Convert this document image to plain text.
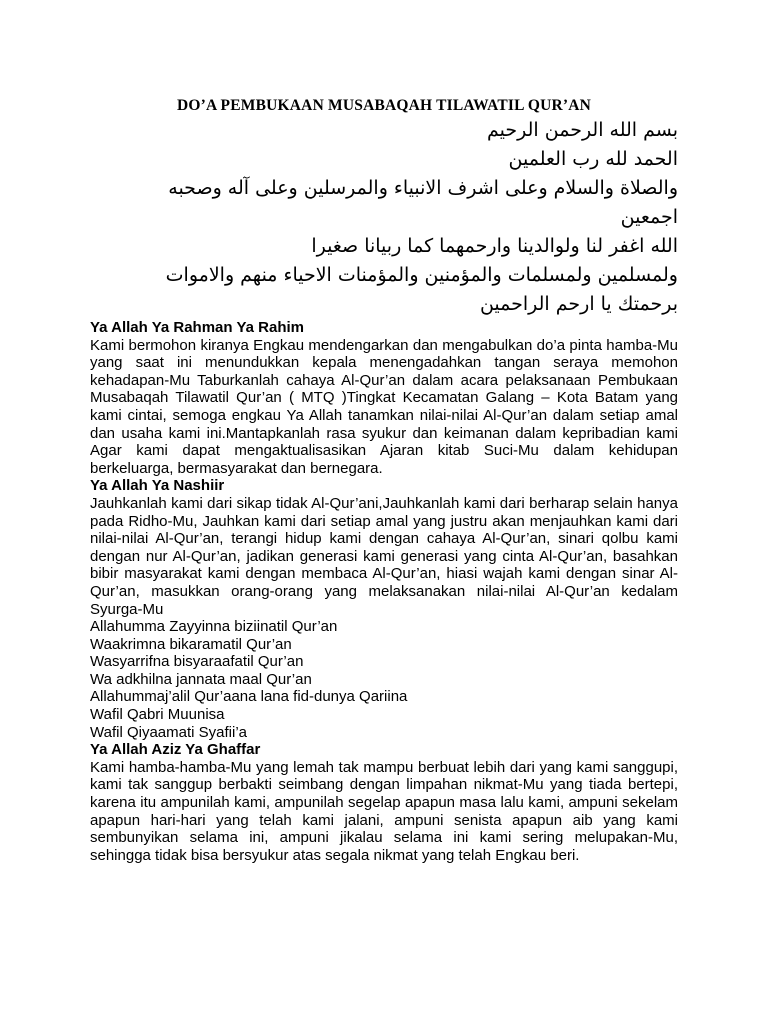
DO’A PEMBUKAAN MUSABAQAH TILAWATIL QUR’AN
بسم الله الرحمن الرحيم
الحمد لله رب العلمين
والصلاة والسلام وعلى اشرف الانبياء والمرسلين وعلى آله وصحبه
اجمعين
الله اغفر لنا ولوالدينا وارحمهما كما ربيانا صغيرا
ولمسلمين ولمسلمات والمؤمنين والمؤمنات الاحياء منهم والاموات
برحمتك يا ارحم الراحمين
Ya Allah Ya Rahman Ya Rahim
Kami bermohon kiranya Engkau mendengarkan dan mengabulkan do’a pinta hamba-Mu yang saat ini menundukkan kepala menengadahkan tangan seraya memohon kehadapan-Mu Taburkanlah cahaya Al-Qur’an dalam acara pelaksanaan Pembukaan Musabaqah Tilawatil Qur’an ( MTQ )Tingkat Kecamatan Galang – Kota Batam yang kami cintai, semoga engkau Ya Allah tanamkan nilai-nilai Al-Qur’an dalam setiap amal dan usaha kami ini.Mantapkanlah rasa syukur dan keimanan dalam kepribadian kami Agar kami dapat mengaktualisasikan Ajaran kitab Suci-Mu dalam kehidupan berkeluarga, bermasyarakat dan bernegara.
Ya Allah Ya Nashiir
Jauhkanlah kami dari sikap tidak Al-Qur’ani,Jauhkanlah kami dari berharap selain hanya pada Ridho-Mu, Jauhkan kami dari setiap amal yang justru akan menjauhkan kami dari nilai-nilai Al-Qur’an, terangi hidup kami dengan cahaya Al-Qur’an, sinari qolbu kami dengan nur Al-Qur’an, jadikan generasi kami generasi yang cinta Al-Qur’an, basahkan bibir masyarakat kami dengan membaca Al-Qur’an, hiasi wajah kami dengan sinar Al-Qur’an, masukkan orang-orang yang melaksanakan nilai-nilai Al-Qur’an kedalam Syurga-Mu
Allahumma Zayyinna biziinatil Qur’an
Waakrimna bikaramatil Qur’an
Wasyarrifna bisyaraafatil Qur’an
Wa adkhilna jannata maal Qur’an
Allahummaj’alil Qur’aana lana fid-dunya Qariina
Wafil Qabri Muunisa
Wafil Qiyaamati Syafii’a
Ya Allah Aziz Ya Ghaffar
Kami hamba-hamba-Mu yang lemah tak mampu berbuat lebih dari yang kami sanggupi, kami tak sanggup berbakti seimbang dengan limpahan nikmat-Mu yang tiada bertepi, karena itu ampunilah kami, ampunilah segelap apapun masa lalu kami, ampuni sekelam apapun hari-hari yang telah kami jalani, ampuni senista apapun aib yang kami sembunyikan selama ini, ampuni jikalau selama ini kami sering melupakan-Mu, sehingga tidak bisa bersyukur atas segala nikmat yang telah Engkau beri.
